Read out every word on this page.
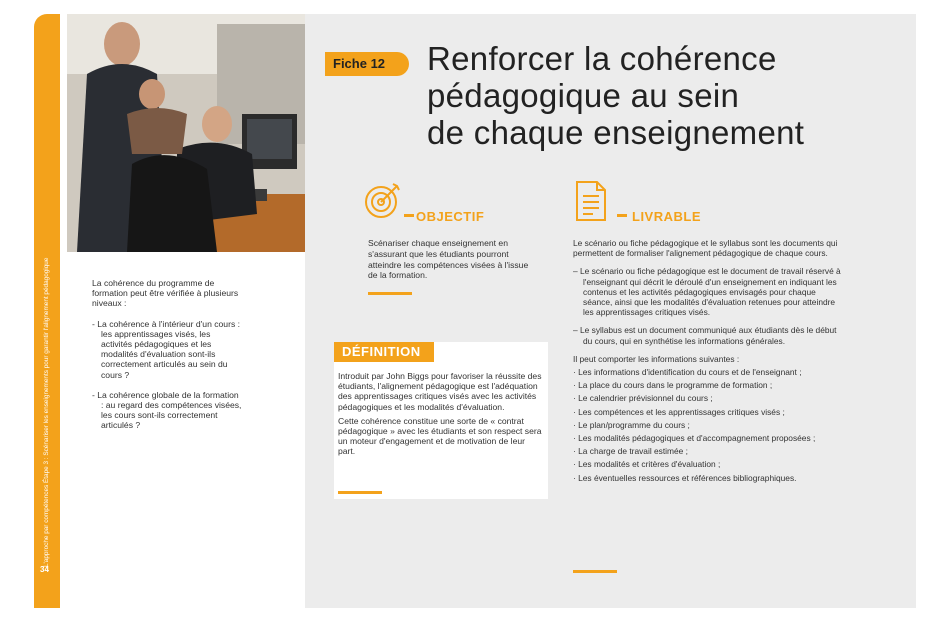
L'approche par compétences Étape 3 : Scénariser les enseignements pour garantir l'alignement pédagogique
34

La cohérence du programme de formation peut être vérifiée à plusieurs niveaux :

- La cohérence à l'intérieur d'un cours : les apprentissages visés, les activités pédagogiques et les modalités d'évaluation sont-ils correctement articulés au sein du cours ?

- La cohérence globale de la formation : au regard des compétences visées, les cours sont-ils correctement articulés ?

Fiche 12	Renforcer la cohérence
pédagogique au sein
de chaque enseignement
OBJECTIF
Scénariser chaque enseignement en s'assurant que les étudiants pourront atteindre les compétences visées à l'issue de la formation.
DÉFINITION

Introduit par John Biggs pour favoriser la réussite des étudiants, l'alignement pédagogique est l'adéquation des apprentissages critiques visés avec les activités pédagogiques et les modalités d'évaluation.

Cette cohérence constitue une sorte de « contrat pédagogique » avec les étudiants et son respect sera un moteur d'engagement et de motivation de leur part.

LIVRABLE

Le scénario ou fiche pédagogique et le syllabus sont les documents qui permettent de formaliser l'alignement pédagogique de chaque cours.

– Le scénario ou fiche pédagogique est le document de travail réservé à l'enseignant qui décrit le déroulé d'un enseignement en indiquant les contenus et les activités pédagogiques envisagés pour chaque séance, ainsi que les modalités d'évaluation retenues pour atteindre les apprentissages critiques visés.

– Le syllabus est un document communiqué aux étudiants dès le début du cours, qui en synthétise les informations générales.

Il peut comporter les informations suivantes :

· Les informations d'identification du cours et de l'enseignant ;

· La place du cours dans le programme de formation ;

· Le calendrier prévisionnel du cours ;

· Les compétences et les apprentissages critiques visés ;

· Le plan/programme du cours ;

· Les modalités pédagogiques et d'accompagnement proposées ;

· La charge de travail estimée ;

· Les modalités et critères d'évaluation ;

· Les éventuelles ressources et références bibliographiques.
